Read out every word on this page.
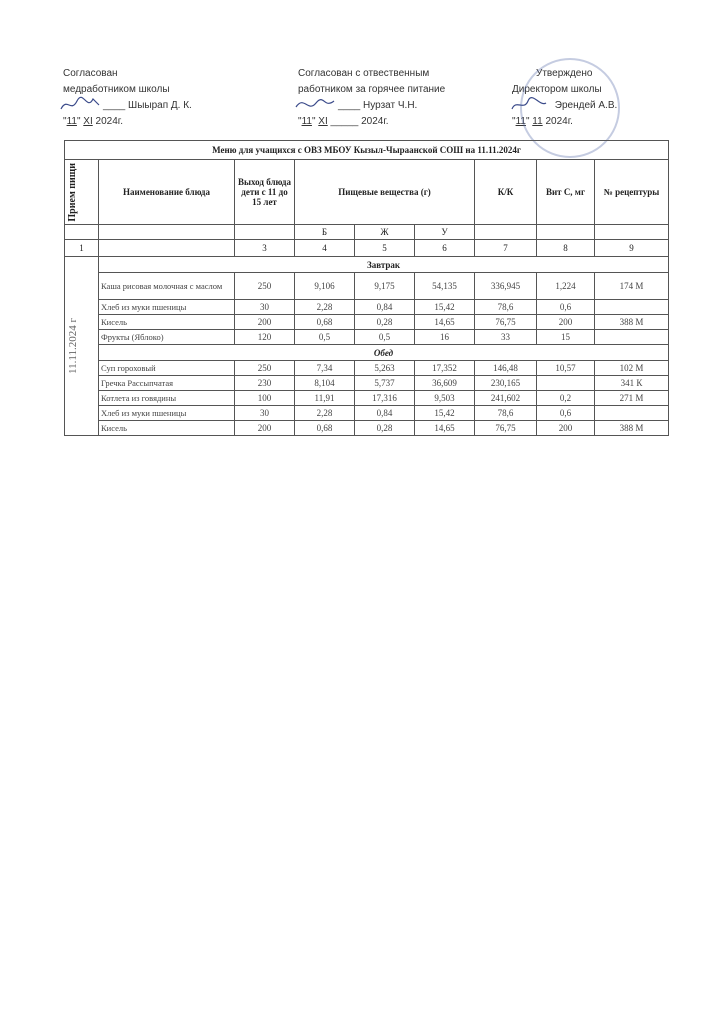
Согласован
медработником школы
____ Шыырап Д. К.
"11" XI 2024г.
Согласован с отвественным
работником за горячее питание
____ Нурзат Ч.Н.
"11" XI _____ 2024г.
Утверждено
Директором школы
Эрендей А.В.
"11" 11 2024г.
Меню для учащихся с ОВЗ МБОУ Кызыл-Чыраанской СОШ на 11.11.2024г								

Прием пищи	Наименование блюда	Выход блюда дети с 11 до 15 лет	Пищевые вещества (г)			К/К	Вит С, мг	№ рецептуры
			Б	Ж	У			
1		3	4	5	6	7	8	9

11.11.2024 г	Завтрак							
	Каша рисовая молочная с маслом	250	9,106	9,175	54,135	336,945	1,224	174 М
	Хлеб из муки пшеницы	30	2,28	0,84	15,42	78,6	0,6	
	Кисель	200	0,68	0,28	14,65	76,75	200	388 М
	Фрукты (Яблоко)	120	0,5	0,5	16	33	15	
	Обед							
	Суп гороховый	250	7,34	5,263	17,352	146,48	10,57	102 М
	Гречка Рассыпчатая	230	8,104	5,737	36,609	230,165		341 К
	Котлета из говядины	100	11,91	17,316	9,503	241,602	0,2	271 М
	Хлеб из муки пшеницы	30	2,28	0,84	15,42	78,6	0,6	
	Кисель	200	0,68	0,28	14,65	76,75	200	388 М
